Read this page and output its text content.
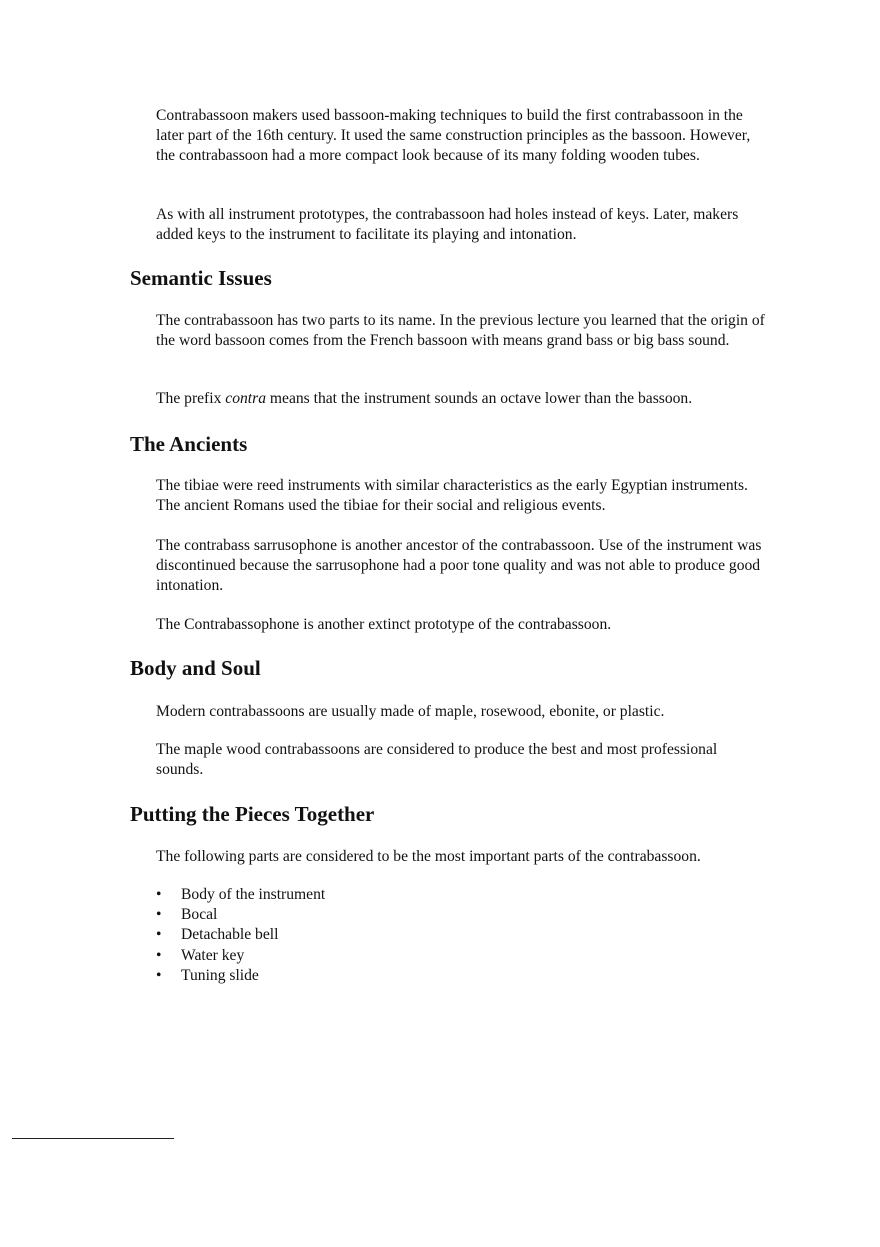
Contrabassoon makers used bassoon-making techniques to build the first contrabassoon in the later part of the 16th century. It used the same construction principles as the bassoon. However, the contrabassoon had a more compact look because of its many folding wooden tubes.

As with all instrument prototypes, the contrabassoon had holes instead of keys. Later, makers added keys to the instrument to facilitate its playing and intonation.

Semantic Issues

The contrabassoon has two parts to its name. In the previous lecture you learned that the origin of the word bassoon comes from the French bassoon with means grand bass or big bass sound.

The prefix contra means that the instrument sounds an octave lower than the bassoon.

The Ancients

The tibiae were reed instruments with similar characteristics as the early Egyptian instruments. The ancient Romans used the tibiae for their social and religious events.

The contrabass sarrusophone is another ancestor of the contrabassoon. Use of the instrument was discontinued because the sarrusophone had a poor tone quality and was not able to produce good intonation.

The Contrabassophone is another extinct prototype of the contrabassoon.

Body and Soul

Modern contrabassoons are usually made of maple, rosewood, ebonite, or plastic.

The maple wood contrabassoons are considered to produce the best and most professional sounds.

Putting the Pieces Together

The following parts are considered to be the most important parts of the contrabassoon.

• Body of the instrument
• Bocal
• Detachable bell
• Water key
• Tuning slide
